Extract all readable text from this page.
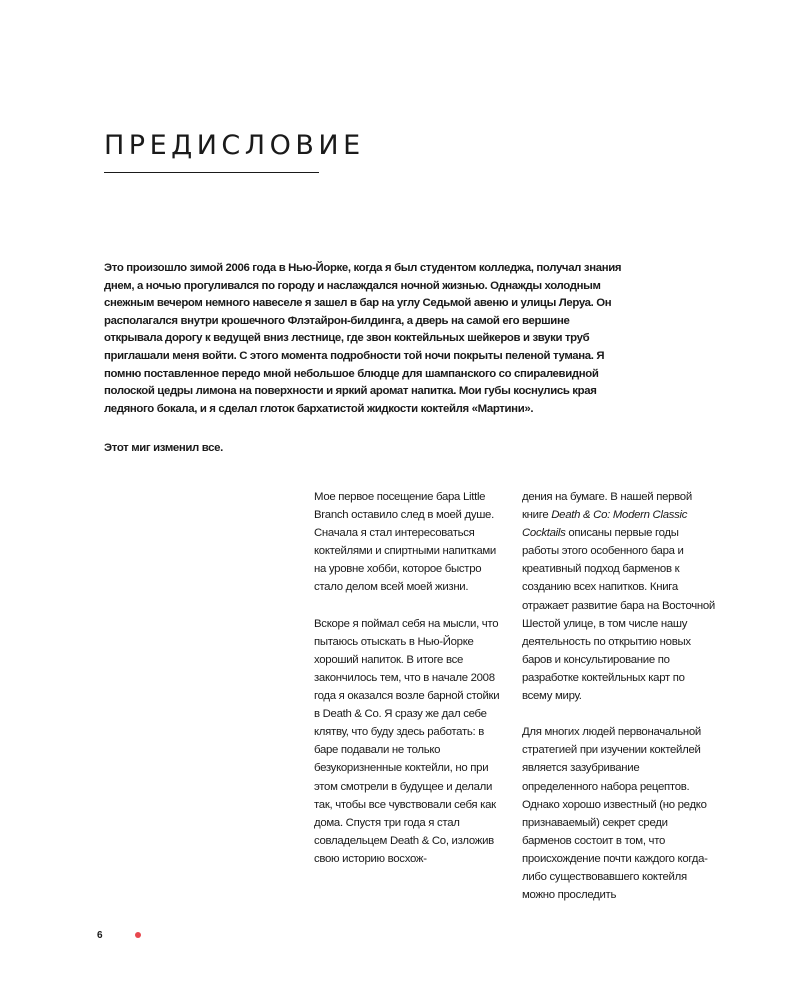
ПРЕДИСЛОВИЕ

Это произошло зимой 2006 года в Нью-Йорке, когда я был студентом колледжа, получал знания днем, а ночью прогуливался по городу и наслаждался ночной жизнью. Однажды холодным снежным вечером немного навеселе я зашел в бар на углу Седьмой авеню и улицы Леруа. Он располагался внутри крошечного Флэтайрон-билдинга, а дверь на самой его вершине открывала дорогу к ведущей вниз лестнице, где звон коктейльных шейкеров и звуки труб приглашали меня войти. С этого момента подробности той ночи покрыты пеленой тумана. Я помню поставленное передо мной небольшое блюдце для шампанского со спиралевидной полоской цедры лимона на поверхности и яркий аромат напитка. Мои губы коснулись края ледяного бокала, и я сделал глоток бархатистой жидкости коктейля «Мартини».

Этот миг изменил все.

Мое первое посещение бара Little Branch оставило след в моей душе. Сначала я стал интересоваться коктейлями и спиртными напитками на уровне хобби, которое быстро стало делом всей моей жизни.

Вскоре я поймал себя на мысли, что пытаюсь отыскать в Нью-Йорке хороший напиток. В итоге все закончилось тем, что в начале 2008 года я оказался возле барной стойки в Death & Co. Я сразу же дал себе клятву, что буду здесь работать: в баре подавали не только безукоризненные коктейли, но при этом смотрели в будущее и делали так, чтобы все чувствовали себя как дома. Спустя три года я стал совладельцем Death & Co, изложив свою историю восхож-

дения на бумаге. В нашей первой книге Death & Co: Modern Classic Cocktails описаны первые годы работы этого особенного бара и креативный подход барменов к созданию всех напитков. Книга отражает развитие бара на Восточной Шестой улице, в том числе нашу деятельность по открытию новых баров и консультирование по разработке коктейльных карт по всему миру.

Для многих людей первоначальной стратегией при изучении коктейлей является зазубривание определенного набора рецептов. Однако хорошо известный (но редко признаваемый) секрет среди барменов состоит в том, что происхождение почти каждого когда-либо существовавшего коктейля можно проследить

6
